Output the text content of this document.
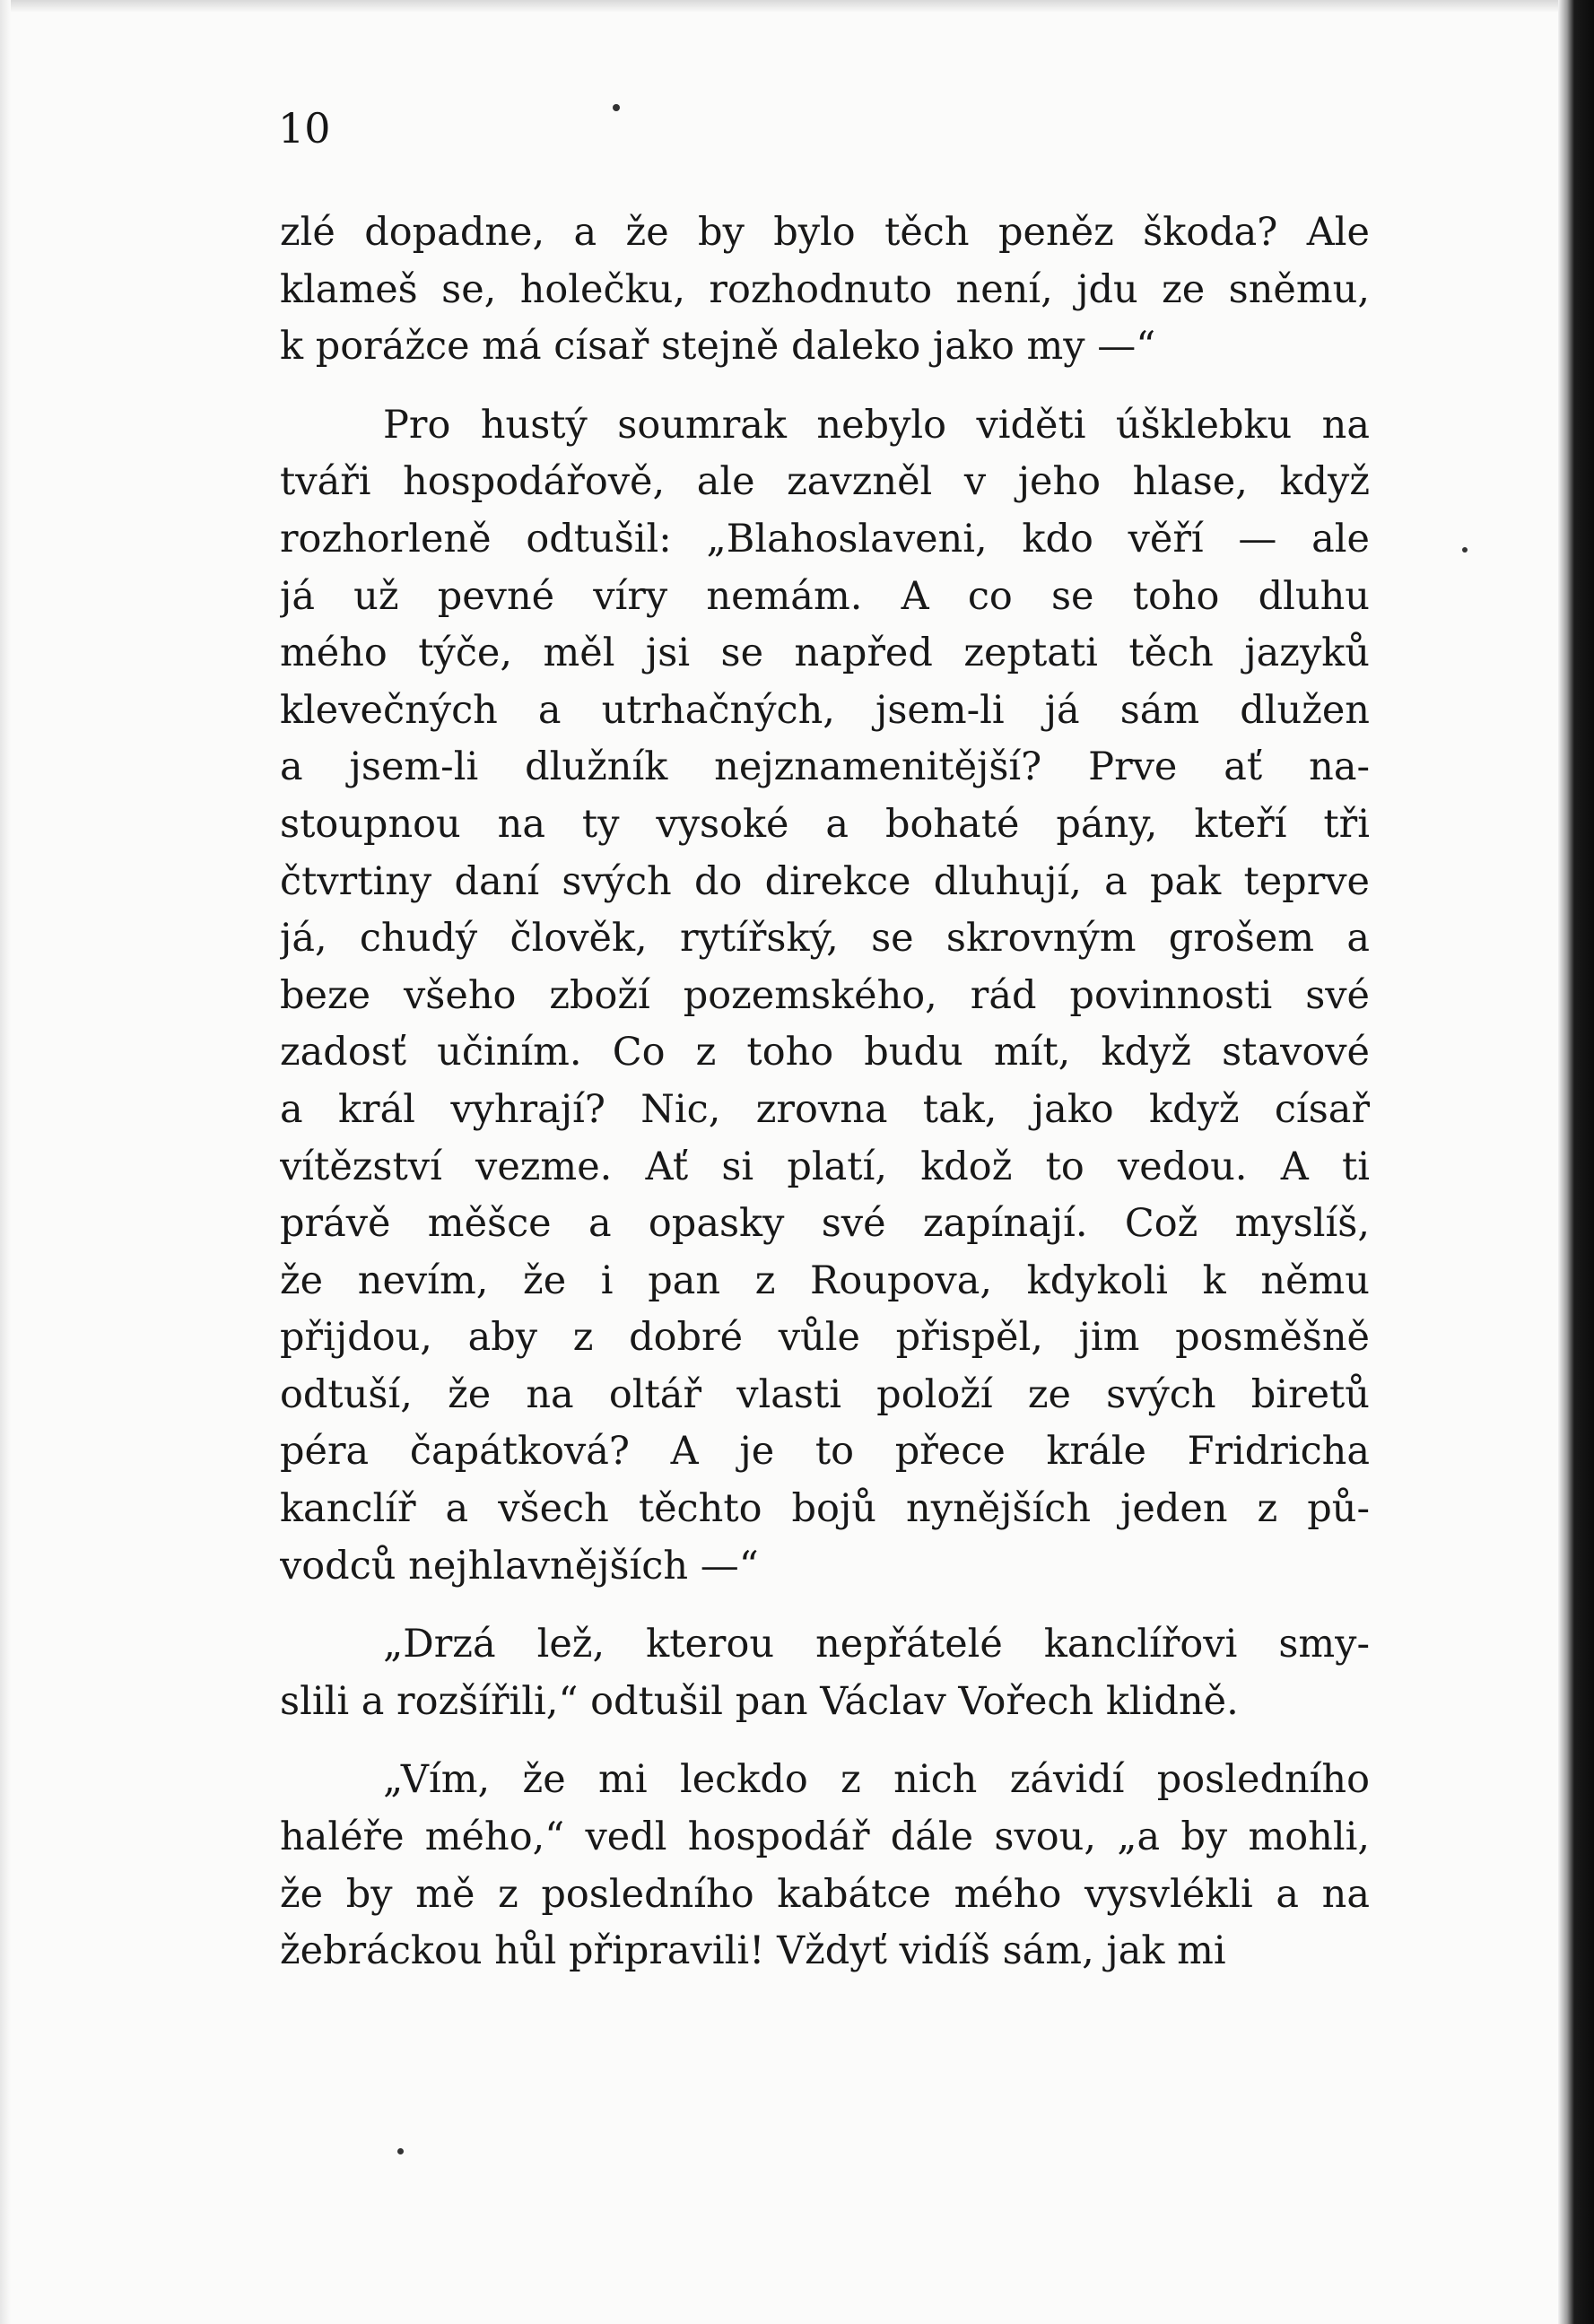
10
zlé dopadne, a že by bylo těch peněz škoda? Ale
klameš se, holečku, rozhodnuto není, jdu ze sněmu,
k porážce má císař stejně daleko jako my —“
Pro hustý soumrak nebylo viděti úšklebku na
tváři hospodářově, ale zavzněl v jeho hlase, když
rozhorleně odtušil: „Blahoslaveni, kdo věří — ale
já už pevné víry nemám. A co se toho dluhu
mého týče, měl jsi se napřed zeptati těch jazyků
klevečných a utrhačných, jsem-li já sám dlužen
a jsem-li dlužník nejznamenitější? Prve ať na-
stoupnou na ty vysoké a bohaté pány, kteří tři
čtvrtiny daní svých do direkce dluhují, a pak teprve
já, chudý člověk, rytířský, se skrovným grošem a
beze všeho zboží pozemského, rád povinnosti své
zadosť učiním. Co z toho budu mít, když stavové
a král vyhrají? Nic, zrovna tak, jako když císař
vítězství vezme. Ať si platí, kdož to vedou. A ti
právě měšce a opasky své zapínají. Což myslíš,
že nevím, že i pan z Roupova, kdykoli k němu
přijdou, aby z dobré vůle přispěl, jim posměšně
odtuší, že na oltář vlasti položí ze svých biretů
péra čapátková? A je to přece krále Fridricha
kanclíř a všech těchto bojů nynějších jeden z pů-
vodců nejhlavnějších —“
„Drzá lež, kterou nepřátelé kanclířovi smy-
slili a rozšířili,“ odtušil pan Václav Vořech klidně.
„Vím, že mi leckdo z nich závidí posledního
haléře mého,“ vedl hospodář dále svou, „a by mohli,
že by mě z posledního kabátce mého vysvlékli a na
žebráckou hůl připravili! Vždyť vidíš sám, jak mi
